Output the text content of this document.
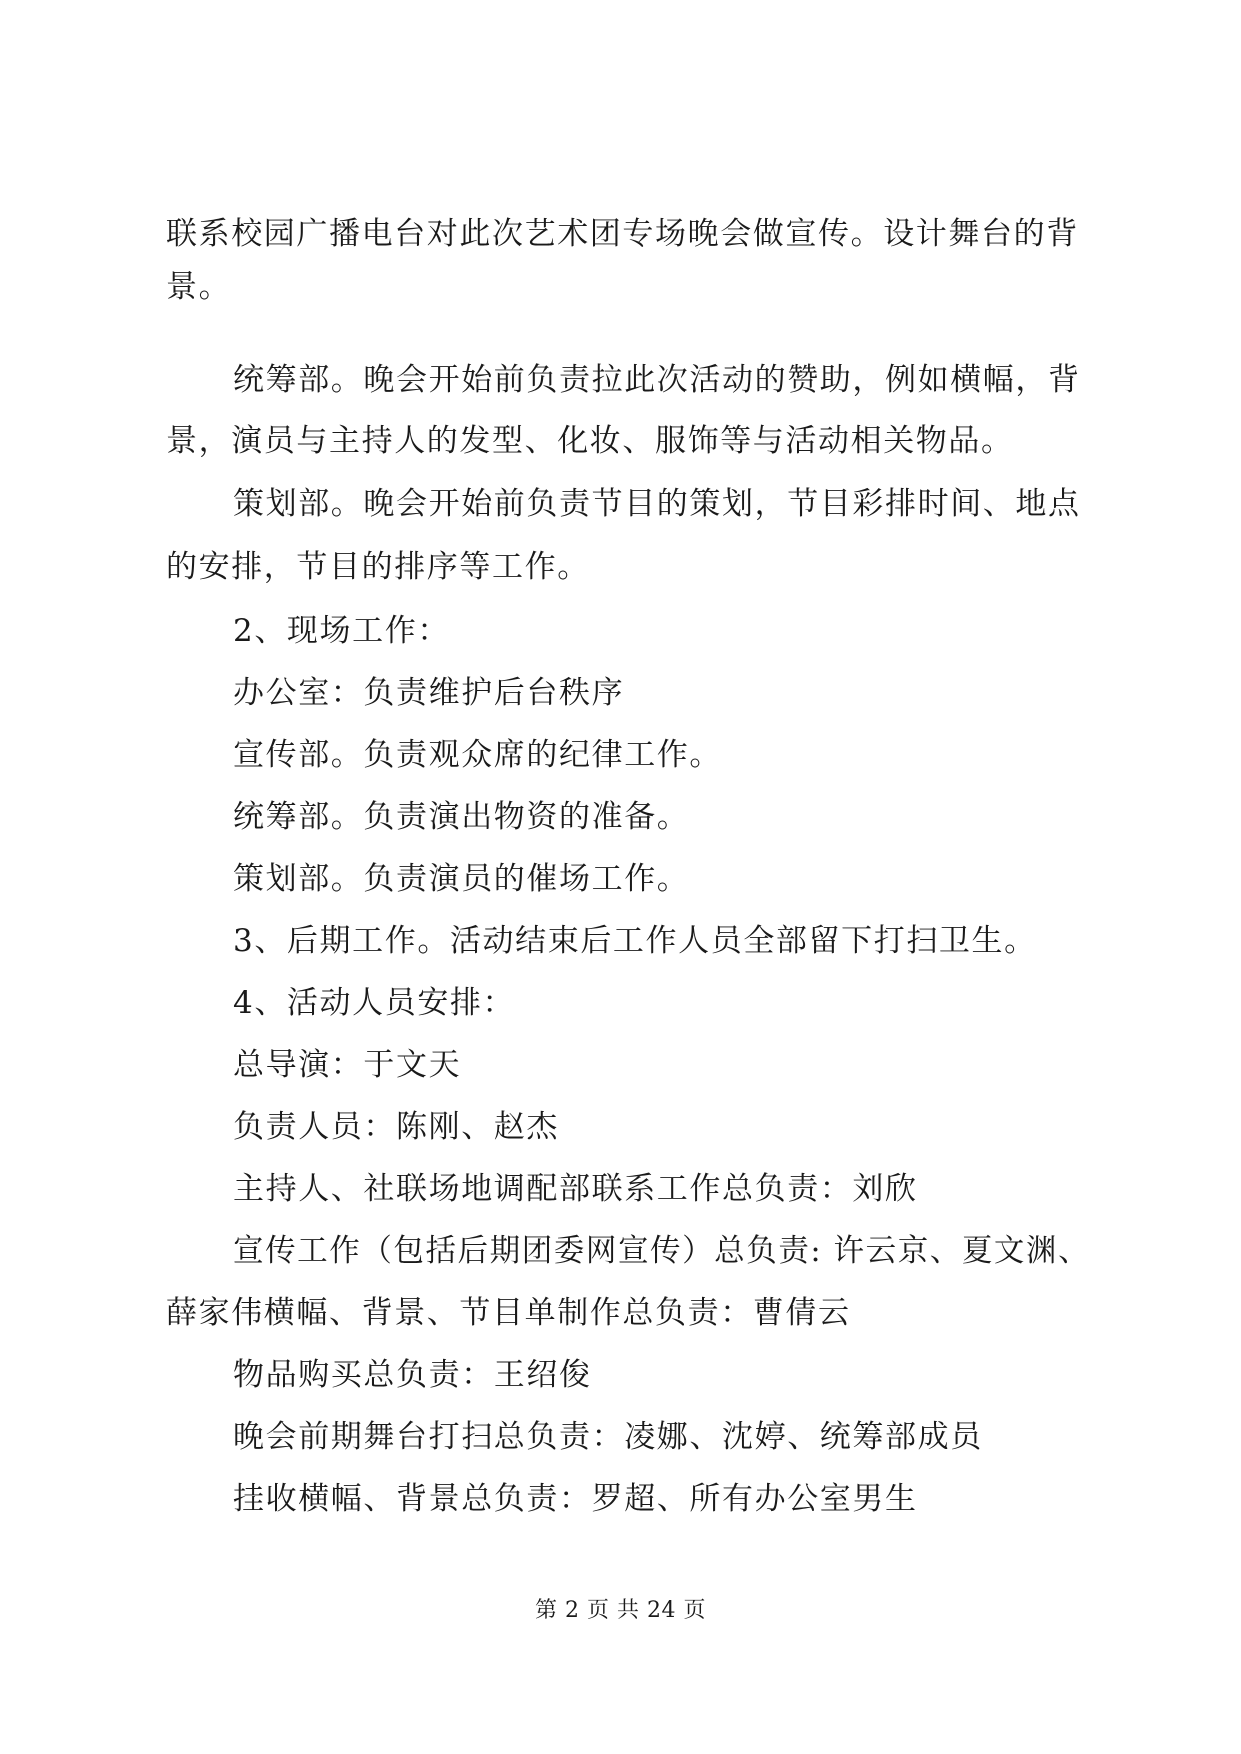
联系校园广播电台对此次艺术团专场晚会做宣传。设计舞台的背
景。
统筹部。晚会开始前负责拉此次活动的赞助，例如横幅，背
景，演员与主持人的发型、化妆、服饰等与活动相关物品。
策划部。晚会开始前负责节目的策划，节目彩排时间、地点
的安排，节目的排序等工作。
2、现场工作：
办公室：负责维护后台秩序
宣传部。负责观众席的纪律工作。
统筹部。负责演出物资的准备。
策划部。负责演员的催场工作。
3、后期工作。活动结束后工作人员全部留下打扫卫生。
4、活动人员安排：
总导演：于文天
负责人员：陈刚、赵杰
主持人、社联场地调配部联系工作总负责：刘欣
宣传工作（包括后期团委网宣传）总负责: 许云京、夏文渊、
薛家伟横幅、背景、节目单制作总负责：曹倩云
物品购买总负责：王绍俊
晚会前期舞台打扫总负责：凌娜、沈婷、统筹部成员
挂收横幅、背景总负责：罗超、所有办公室男生
第 2 页 共 24 页
